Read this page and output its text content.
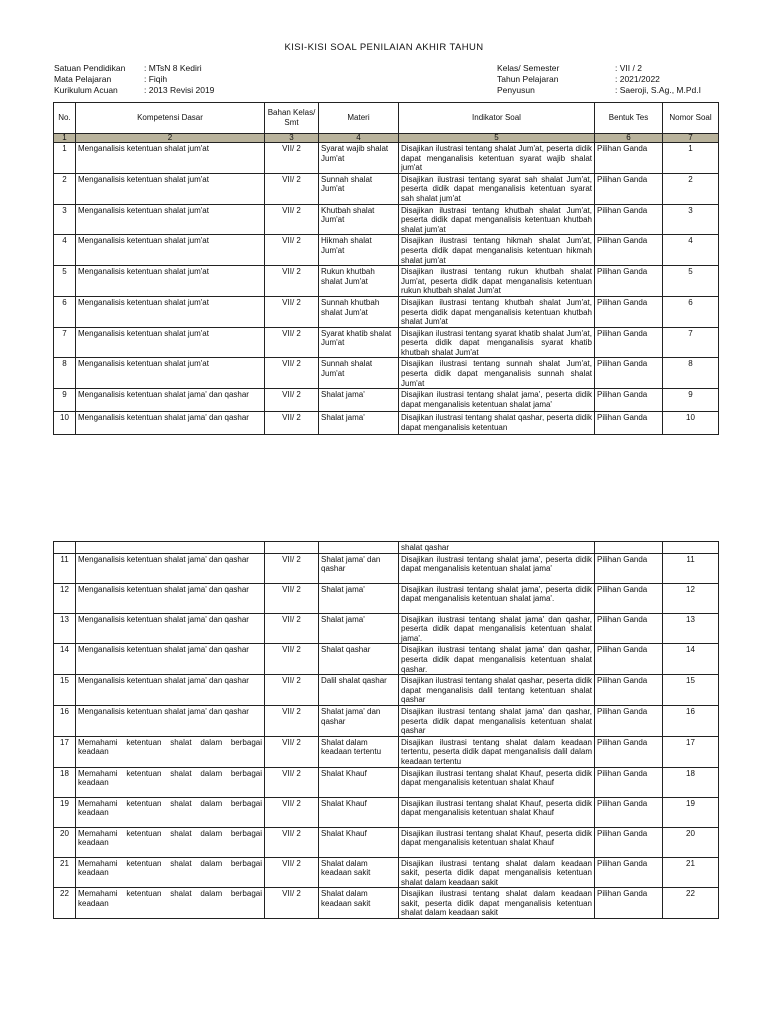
KISI-KISI SOAL PENILAIAN AKHIR TAHUN
Satuan Pendidikan	: MTsN 8 Kediri
Mata Pelajaran	: Fiqih
Kurikulum Acuan	: 2013 Revisi 2019
Kelas/ Semester	: VII / 2
Tahun Pelajaran	: 2021/2022
Penyusun	: Saeroji, S.Ag., M.Pd.I
No.	Kompetensi Dasar	Bahan Kelas/ Smt	Materi	Indikator Soal	Bentuk Tes	Nomor Soal
1	2	3	4	5	6	7
1	Menganalisis ketentuan shalat jum'at	VII/ 2	Syarat wajib shalat Jum'at	Disajikan ilustrasi tentang shalat Jum'at, peserta didik dapat menganalisis ketentuan syarat wajib shalat jum'at	Pilihan Ganda	1
2	Menganalisis ketentuan shalat jum'at	VII/ 2	Sunnah shalat Jum'at	Disajikan ilustrasi tentang syarat sah shalat Jum'at, peserta didik dapat menganalisis ketentuan syarat sah shalat jum'at	Pilihan Ganda	2
3	Menganalisis ketentuan shalat jum'at	VII/ 2	Khutbah shalat Jum'at	Disajikan ilustrasi tentang khutbah shalat Jum'at, peserta didik dapat menganalisis ketentuan khutbah shalat jum'at	Pilihan Ganda	3
4	Menganalisis ketentuan shalat jum'at	VII/ 2	Hikmah shalat Jum'at	Disajikan ilustrasi tentang hikmah shalat Jum'at, peserta didik dapat menganalisis ketentuan hikmah shalat jum'at	Pilihan Ganda	4
5	Menganalisis ketentuan shalat jum'at	VII/ 2	Rukun khutbah shalat Jum'at	Disajikan ilustrasi tentang rukun khutbah shalat Jum'at, peserta didik dapat menganalisis ketentuan rukun khutbah shalat Jum'at	Pilihan Ganda	5
6	Menganalisis ketentuan shalat jum'at	VII/ 2	Sunnah khutbah shalat Jum'at	Disajikan ilustrasi tentang khutbah shalat Jum'at, peserta didik dapat menganalisis ketentuan khutbah shalat Jum'at	Pilihan Ganda	6
7	Menganalisis ketentuan shalat jum'at	VII/ 2	Syarat khatib shalat Jum'at	Disajikan ilustrasi tentang syarat khatib shalat Jum'at, peserta didik dapat menganalisis syarat khatib khutbah shalat Jum'at	Pilihan Ganda	7
8	Menganalisis ketentuan shalat jum'at	VII/ 2	Sunnah shalat Jum'at	Disajikan ilustrasi tentang sunnah shalat Jum'at, peserta didik dapat menganalisis sunnah shalat Jum'at	Pilihan Ganda	8
9	Menganalisis ketentuan shalat jama' dan qashar	VII/ 2	Shalat jama'	Disajikan ilustrasi tentang shalat jama', peserta didik dapat menganalisis ketentuan shalat jama'	Pilihan Ganda	9
10	Menganalisis ketentuan shalat jama' dan qashar	VII/ 2	Shalat jama'	Disajikan ilustrasi tentang shalat qashar, peserta didik dapat menganalisis ketentuan	Pilihan Ganda	10
				shalat qashar		
11	Menganalisis ketentuan shalat jama' dan qashar	VII/ 2	Shalat jama' dan qashar	Disajikan ilustrasi tentang shalat jama', peserta didik dapat menganalisis ketentuan shalat jama'	Pilihan Ganda	11
12	Menganalisis ketentuan shalat jama' dan qashar	VII/ 2	Shalat jama'	Disajikan ilustrasi tentang shalat jama', peserta didik dapat menganalisis ketentuan shalat jama'.	Pilihan Ganda	12
13	Menganalisis ketentuan shalat jama' dan qashar	VII/ 2	Shalat jama'	Disajikan ilustrasi tentang shalat jama' dan qashar, peserta didik dapat menganalisis ketentuan shalat jama'.	Pilihan Ganda	13
14	Menganalisis ketentuan shalat jama' dan qashar	VII/ 2	Shalat qashar	Disajikan ilustrasi tentang shalat jama' dan qashar, peserta didik dapat menganalisis ketentuan shalat qashar.	Pilihan Ganda	14
15	Menganalisis ketentuan shalat jama' dan qashar	VII/ 2	Dalil shalat qashar	Disajikan ilustrasi tentang shalat qashar, peserta didik dapat menganalisis dalil tentang ketentuan shalat qashar	Pilihan Ganda	15
16	Menganalisis ketentuan shalat jama' dan qashar	VII/ 2	Shalat jama' dan qashar	Disajikan ilustrasi tentang shalat jama' dan qashar, peserta didik dapat menganalisis ketentuan shalat qashar	Pilihan Ganda	16
17	Memahami ketentuan shalat dalam berbagai keadaan	VII/ 2	Shalat dalam keadaan tertentu	Disajikan ilustrasi tentang shalat dalam keadaan tertentu, peserta didik dapat menganalisis dalil dalam keadaan tertentu	Pilihan Ganda	17
18	Memahami ketentuan shalat dalam berbagai keadaan	VII/ 2	Shalat Khauf	Disajikan ilustrasi tentang shalat Khauf, peserta didik dapat menganalisis ketentuan shalat Khauf	Pilihan Ganda	18
19	Memahami ketentuan shalat dalam berbagai keadaan	VII/ 2	Shalat Khauf	Disajikan ilustrasi tentang shalat Khauf, peserta didik dapat menganalisis ketentuan shalat Khauf	Pilihan Ganda	19
20	Memahami ketentuan shalat dalam berbagai keadaan	VII/ 2	Shalat Khauf	Disajikan ilustrasi tentang shalat Khauf, peserta didik dapat menganalisis ketentuan shalat Khauf	Pilihan Ganda	20
21	Memahami ketentuan shalat dalam berbagai keadaan	VII/ 2	Shalat dalam keadaan sakit	Disajikan ilustrasi tentang shalat dalam keadaan sakit, peserta didik dapat menganalisis ketentuan shalat dalam keadaan sakit	Pilihan Ganda	21
22	Memahami ketentuan shalat dalam berbagai keadaan	VII/ 2	Shalat dalam keadaan sakit	Disajikan ilustrasi tentang shalat dalam keadaan sakit, peserta didik dapat menganalisis ketentuan shalat dalam keadaan sakit	Pilihan Ganda	22
